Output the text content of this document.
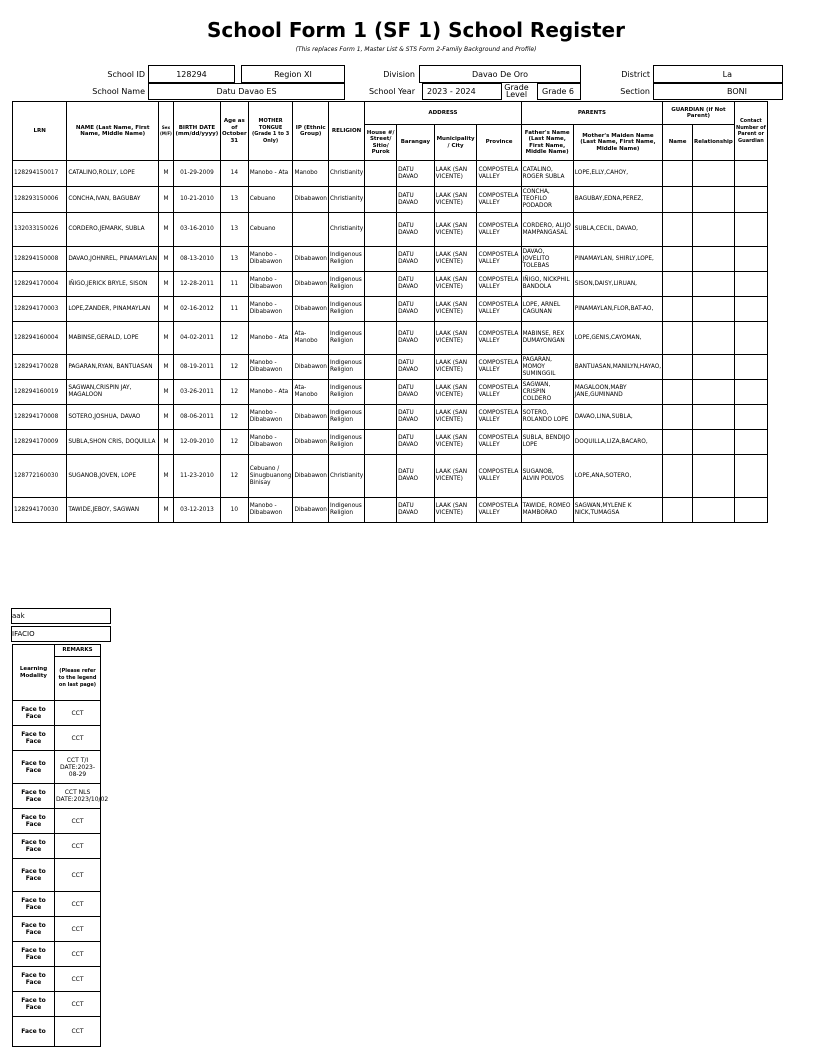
School Form 1 (SF 1) School Register
(This replaces Form 1, Master List & STS Form 2-Family Background and Profile)
School ID	128294	Region XI	Division	Davao De Oro	District	La
School Name	Datu Davao ES	School Year	2023 - 2024	Grade Level	Grade 6	Section	BONI
LRN	NAME (Last Name, First Name, Middle Name)	Sex (M/F)	BIRTH DATE (mm/dd/yyyy)	Age as of October 31	MOTHER TONGUE (Grade 1 to 3 Only)	IP (Ethnic Group)	RELIGION	ADDRESS				PARENTS		GUARDIAN (if Not Parent)		Contact Number of Parent or Guardian
								House #/ Street/ Sitio/ Purok	Barangay	Municipality / City	Province	Father's Name (Last Name, First Name, Middle Name)	Mother's Maiden Name (Last Name, First Name, Middle Name)	Name	Relationship	
128294150017	CATALINO,ROLLY, LOPE	M	01-29-2009	14	Manobo - Ata	Manobo	Christianity		DATU DAVAO	LAAK (SAN VICENTE)	COMPOSTELA VALLEY	CATALINO, ROGER SUBLA	LOPE,ELLY,CAHOY,			
128293150006	CONCHA,IVAN, BAGUBAY	M	10-21-2010	13	Cebuano	Dibabawon	Christianity		DATU DAVAO	LAAK (SAN VICENTE)	COMPOSTELA VALLEY	CONCHA, TEOFILO PODADOR	BAGUBAY,EDNA,PEREZ,			
132033150026	CORDERO,JEMARK, SUBLA	M	03-16-2010	13	Cebuano		Christianity		DATU DAVAO	LAAK (SAN VICENTE)	COMPOSTELA VALLEY	CORDERO, ALIJO MAMPANGASAL	SUBLA,CECIL, DAVAO,			
128294150008	DAVAO,JOHNREL, PINAMAYLAN	M	08-13-2010	13	Manobo - Dibabawon	Dibabawon	Indigenous Religion		DATU DAVAO	LAAK (SAN VICENTE)	COMPOSTELA VALLEY	DAVAO, JOVELITO TOLEBAS	PINAMAYLAN, SHIRLY,LOPE,			
128294170004	IÑIGO,JERICK BRYLE, SISON	M	12-28-2011	11	Manobo - Dibabawon	Dibabawon	Indigenous Religion		DATU DAVAO	LAAK (SAN VICENTE)	COMPOSTELA VALLEY	IÑIGO, NICKPHIL BANDOLA	SISON,DAISY,LIRUAN,			
128294170003	LOPE,ZANDER, PINAMAYLAN	M	02-16-2012	11	Manobo - Dibabawon	Dibabawon	Indigenous Religion		DATU DAVAO	LAAK (SAN VICENTE)	COMPOSTELA VALLEY	LOPE, ARNEL CAGUNAN	PINAMAYLAN,FLOR,BAT-AO,			
128294160004	MABINSE,GERALD, LOPE	M	04-02-2011	12	Manobo - Ata	Ata-Manobo	Indigenous Religion		DATU DAVAO	LAAK (SAN VICENTE)	COMPOSTELA VALLEY	MABINSE, REX DUMAYONGAN	LOPE,GENIS,CAYOMAN,			
128294170028	PAGARAN,RYAN, BANTUASAN	M	08-19-2011	12	Manobo - Dibabawon	Dibabawon	Indigenous Religion		DATU DAVAO	LAAK (SAN VICENTE)	COMPOSTELA VALLEY	PAGARAN, MOMOY SUMINGGIL	BANTUASAN,MANILYN,HAYAO,			
128294160019	SAGWAN,CRISPIN JAY, MAGALOON	M	03-26-2011	12	Manobo - Ata	Ata-Manobo	Indigenous Religion		DATU DAVAO	LAAK (SAN VICENTE)	COMPOSTELA VALLEY	SAGWAN, CRISPIN COLDERO	MAGALOON,MABY JANE,GUMINAND			
128294170008	SOTERO,JOSHUA, DAVAO	M	08-06-2011	12	Manobo - Dibabawon	Dibabawon	Indigenous Religion		DATU DAVAO	LAAK (SAN VICENTE)	COMPOSTELA VALLEY	SOTERO, ROLANDO LOPE	DAVAO,LINA,SUBLA,			
128294170009	SUBLA,SHON CRIS, DOQUILLA	M	12-09-2010	12	Manobo - Dibabawon	Dibabawon	Indigenous Religion		DATU DAVAO	LAAK (SAN VICENTE)	COMPOSTELA VALLEY	SUBLA, BENDIJO LOPE	DOQUILLA,LIZA,BACARO,			
128772160030	SUGANOB,JOVEN, LOPE	M	11-23-2010	12	Cebuano / Sinugbuanong Binisay	Dibabawon	Christianity		DATU DAVAO	LAAK (SAN VICENTE)	COMPOSTELA VALLEY	SUGANOB, ALVIN POLVOS	LOPE,ANA,SOTERO,			
128294170030	TAWIDE,JEBOY, SAGWAN	M	03-12-2013	10	Manobo - Dibabawon	Dibabawon	Indigenous Religion		DATU DAVAO	LAAK (SAN VICENTE)	COMPOSTELA VALLEY	TAWIDE, ROMEO MAMBORAO	SAGWAN,MYLENE K NICK,TUMAGSA			
aak
IFACIO
Learning Modality	REMARKS
	(Please refer to the legend on last page)
Face to Face	CCT
Face to Face	CCT
Face to Face	CCT T/I DATE:2023-08-29
Face to Face	CCT NLS DATE:2023/10/02
Face to Face	CCT
Face to Face	CCT
Face to Face	CCT
Face to Face	CCT
Face to Face	CCT
Face to Face	CCT
Face to Face	CCT
Face to Face	CCT
Face to	CCT
